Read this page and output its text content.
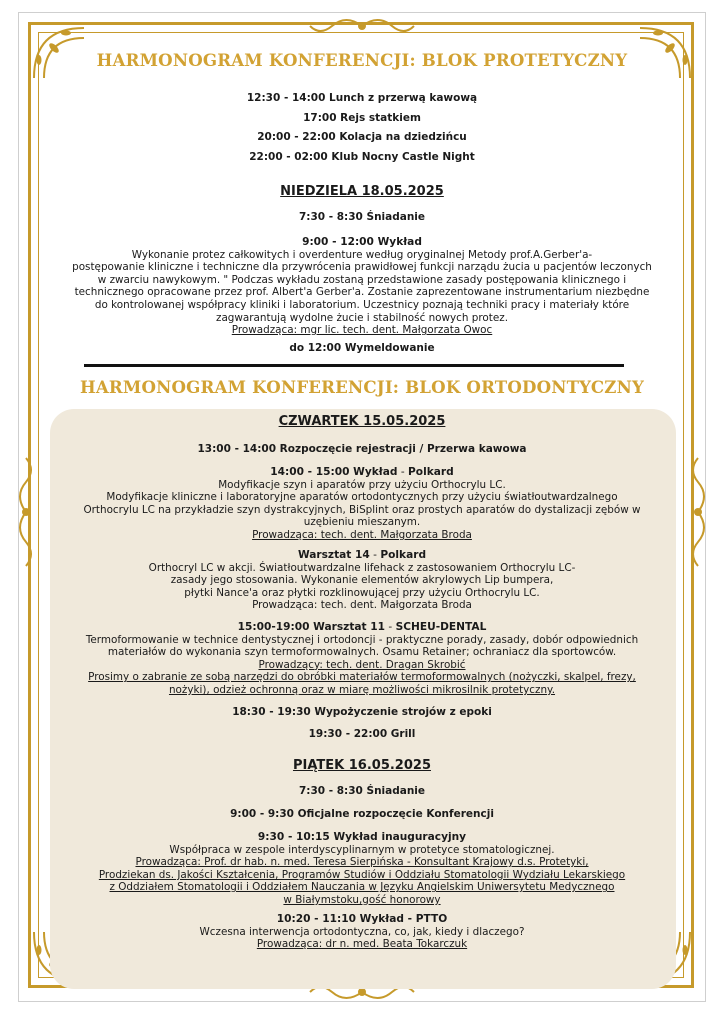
HARMONOGRAM KONFERENCJI: BLOK PROTETYCZNY
12:30 - 14:00 Lunch z przerwą kawową
17:00 Rejs statkiem
20:00 - 22:00 Kolacja na dziedzińcu
22:00 - 02:00 Klub Nocny Castle Night
NIEDZIELA 18.05.2025
7:30 - 8:30 Śniadanie

9:00 - 12:00 Wykład

Wykonanie protez całkowitych i overdenture według oryginalnej Metody prof.A.Gerber'a-

postępowanie kliniczne i techniczne dla przywrócenia prawidłowej funkcji narządu żucia u pacjentów leczonych

w zwarciu nawykowym. " Podczas wykładu zostaną przedstawione zasady postępowania klinicznego i

technicznego opracowane przez prof. Albert'a Gerber'a. Zostanie zaprezentowane instrumentarium niezbędne

do kontrolowanej współpracy kliniki i laboratorium. Uczestnicy poznają techniki pracy i materiały które

zagwarantują wydolne żucie i stabilność nowych protez.

Prowadząca: mgr lic. tech. dent. Małgorzata Owoc

do 12:00 Wymeldowanie
HARMONOGRAM KONFERENCJI: BLOK ORTODONTYCZNY
CZWARTEK 15.05.2025
13:00 - 14:00 Rozpoczęcie rejestracji / Przerwa kawowa

14:00 - 15:00 Wykład - Polkard

Modyfikacje szyn i aparatów przy użyciu Orthocrylu LC.

Modyfikacje kliniczne i laboratoryjne aparatów ortodontycznych przy użyciu światłoutwardzalnego

Orthocrylu LC na przykładzie szyn dystrakcyjnych, BiSplint oraz prostych aparatów do dystalizacji zębów w

uzębieniu mieszanym.

Prowadząca: tech. dent. Małgorzata Broda

Warsztat 14 - Polkard

Orthocryl LC w akcji. Światłoutwardzalne lifehack z zastosowaniem Orthocrylu LC-

zasady jego stosowania. Wykonanie elementów akrylowych Lip bumpera,

płytki Nance'a oraz płytki rozklinowującej przy użyciu Orthocrylu LC.

Prowadząca: tech. dent. Małgorzata Broda

15:00-19:00 Warsztat 11 - SCHEU-DENTAL

Termoformowanie w technice dentystycznej i ortodoncji - praktyczne porady, zasady, dobór odpowiednich

materiałów do wykonania szyn termoformowalnych. Osamu Retainer; ochraniacz dla sportowców.

Prowadzący: tech. dent. Dragan Skrobić

Prosimy o zabranie ze sobą narzędzi do obróbki materiałów termoformowalnych (nożyczki, skalpel, frezy,

nożyki), odzież ochronną oraz w miarę możliwości mikrosilnik protetyczny.

18:30 - 19:30 Wypożyczenie strojów z epoki
19:30 - 22:00 Grill
PIĄTEK 16.05.2025
7:30 - 8:30 Śniadanie
9:00 - 9:30 Oficjalne rozpoczęcie Konferencji

9:30 - 10:15 Wykład inauguracyjny

Współpraca w zespole interdyscyplinarnym w protetyce stomatologicznej.

Prowadząca: Prof. dr hab. n. med. Teresa Sierpińska - Konsultant Krajowy d.s. Protetyki,

Prodziekan ds. Jakości Kształcenia, Programów Studiów i Oddziału Stomatologii Wydziału Lekarskiego

z Oddziałem Stomatologii i Oddziałem Nauczania w Języku Angielskim Uniwersytetu Medycznego

w Białymstoku,gość honorowy

10:20 - 11:10 Wykład - PTTO

Wczesna interwencja ortodontyczna, co, jak, kiedy i dlaczego?

Prowadząca: dr n. med. Beata Tokarczuk
